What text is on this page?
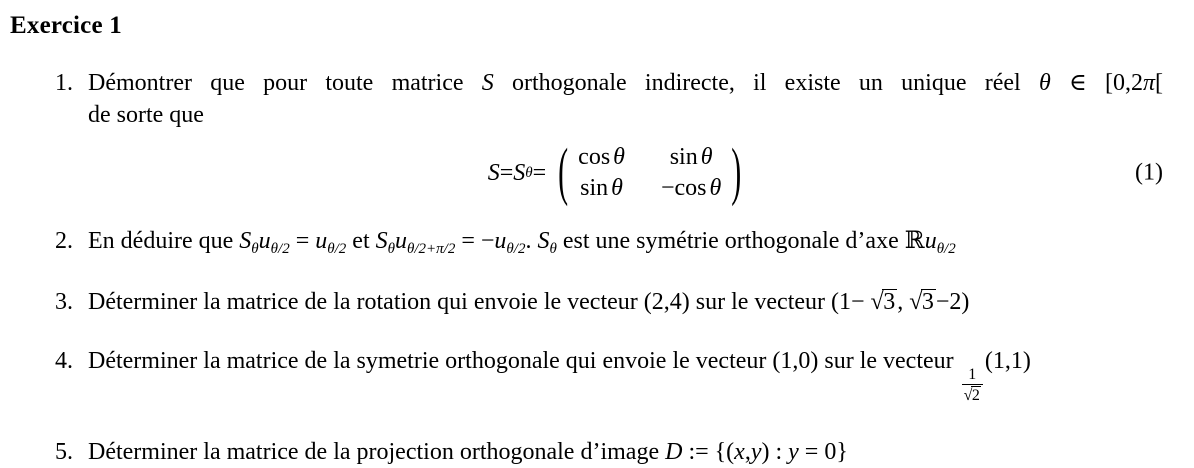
Exercice 1
1. Démontrer que pour toute matrice S orthogonale indirecte, il existe un unique réel θ ∈ [0,2π[
de sorte que
S = S θ = ( cos θ	sin θ
sin θ −cos θ )	(1)
2. En déduire que $S_\theta u_{\theta/2} = u_{\theta/2}$ et $S_\theta u_{\theta/2+\pi/2} = -u_{\theta/2}$. $S_\theta$ est une symétrie orthogonale d’axe ℝu$_{\theta/2}$
3. Déterminer la matrice de la rotation qui envoie le vecteur (2,4) sur le vecteur (1− √3, √3−2)
4. Déterminer la matrice de la symetrie orthogonale qui envoie le vecteur (1,0) sur le vecteur
$\frac{1}{√2}$
(1,1)
5. Déterminer la matrice de la projection orthogonale d’image D := {(x,y) : y = 0}
